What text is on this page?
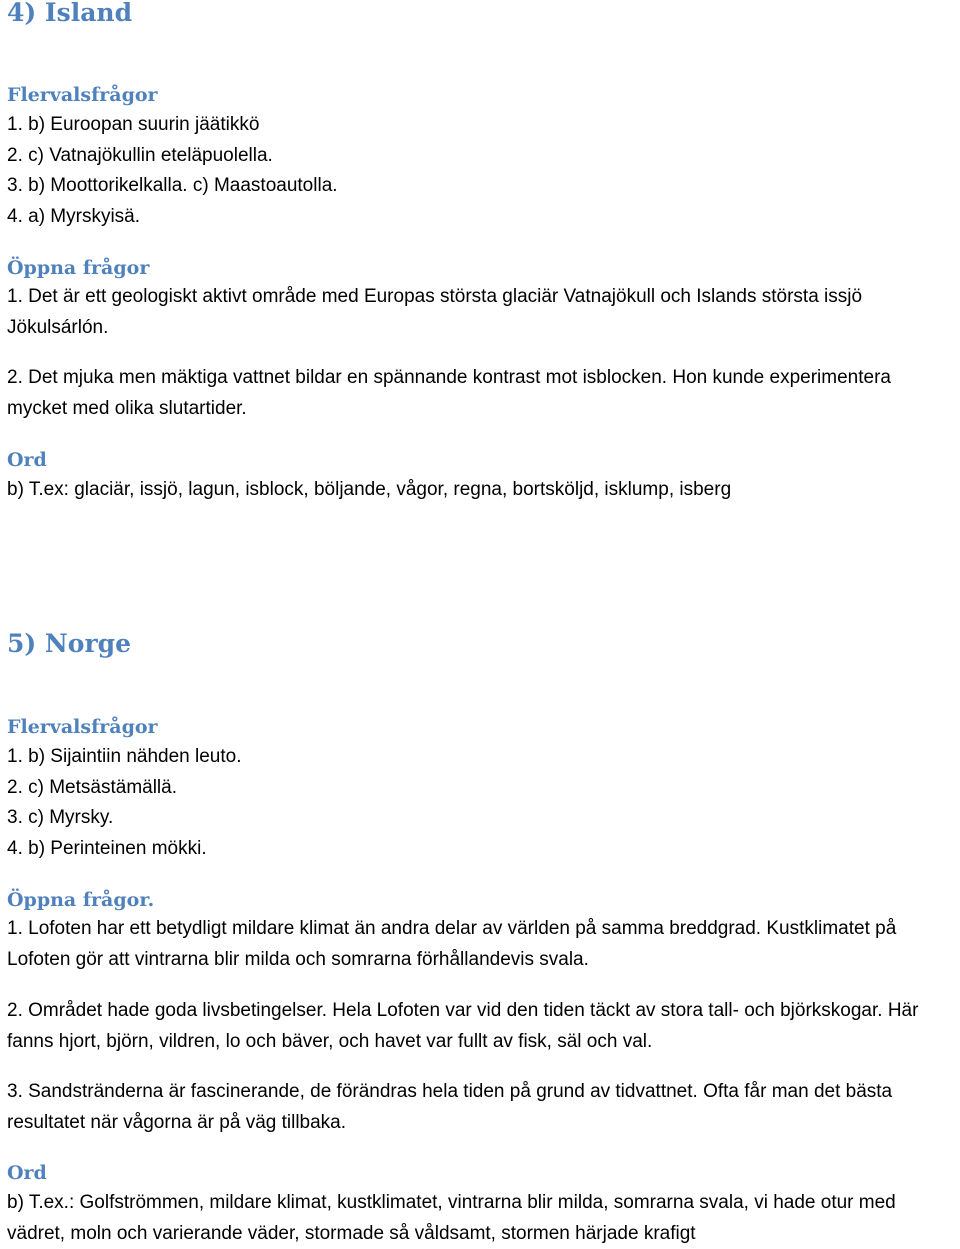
4) Island
Flervalsfrågor
1. b) Euroopan suurin jäätikkö
2. c) Vatnajökullin eteläpuolella.
3. b) Moottorikelkalla. c) Maastoautolla.
4. a) Myrskyisä.
Öppna frågor
1. Det är ett geologiskt aktivt område med Europas största glaciär Vatnajökull och Islands största issjö Jökulsárlón.
2. Det mjuka men mäktiga vattnet bildar en spännande kontrast mot isblocken. Hon kunde experimentera mycket med olika slutartider.
Ord
b) T.ex: glaciär, issjö, lagun, isblock, böljande, vågor, regna, bortsköljd, isklump, isberg
5) Norge
Flervalsfrågor
1. b) Sijaintiin nähden leuto.
2. c) Metsästämällä.
3. c) Myrsky.
4. b) Perinteinen mökki.
Öppna frågor.
1. Lofoten har ett betydligt mildare klimat än andra delar av världen på samma breddgrad. Kustklimatet på Lofoten gör att vintrarna blir milda och somrarna förhållandevis svala.
2. Området hade goda livsbetingelser. Hela Lofoten var vid den tiden täckt av stora tall- och björkskogar. Här fanns hjort, björn, vildren, lo och bäver, och havet var fullt av fisk, säl och val.
3. Sandstränderna är fascinerande, de förändras hela tiden på grund av tidvattnet. Ofta får man det bästa resultatet när vågorna är på väg tillbaka.
Ord
b) T.ex.: Golfströmmen, mildare klimat, kustklimatet, vintrarna blir milda, somrarna svala, vi hade otur med vädret, moln och varierande väder, stormade så våldsamt, stormen härjade krafigt
